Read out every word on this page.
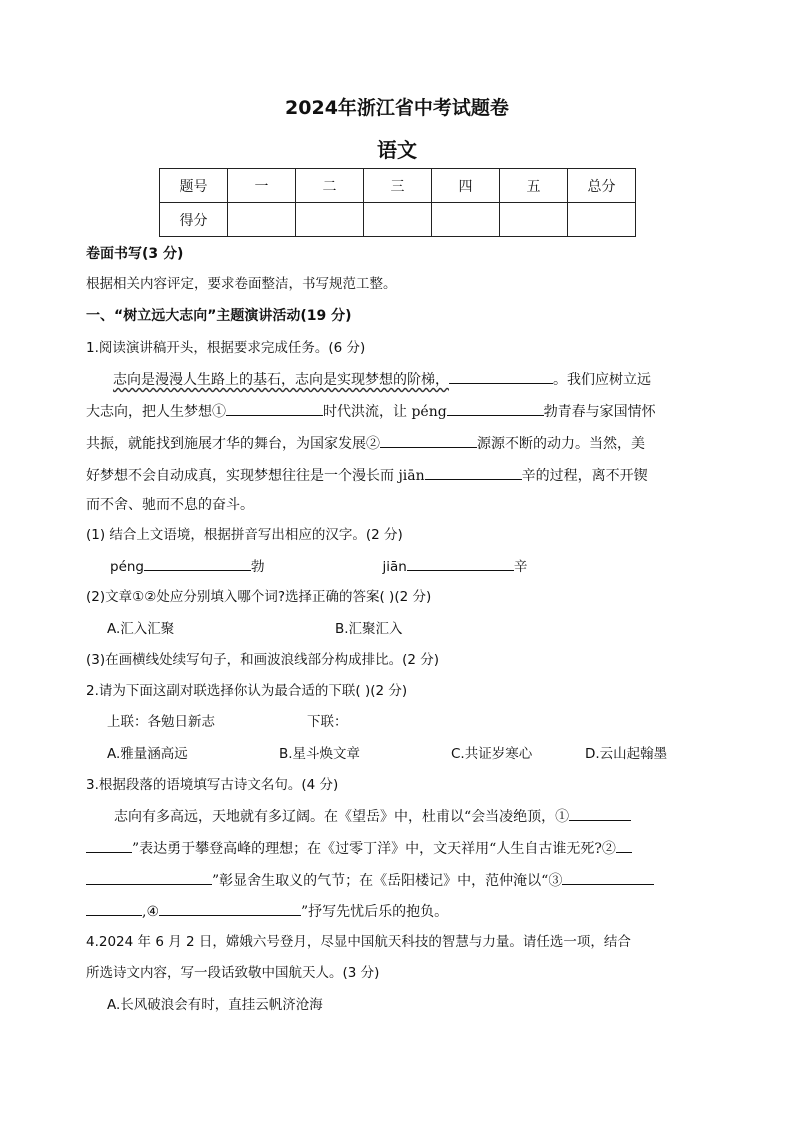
2024年浙江省中考试题卷
语文
题号	一	二	三	四	五	总分
得分						
卷面书写(3 分)
根据相关内容评定，要求卷面整洁，书写规范工整。
一、“树立远大志向”主题演讲活动(19 分)
1.阅读演讲稿开头，根据要求完成任务。(6 分)
志向是漫漫人生路上的基石，志向是实现梦想的阶梯，	。我们应树立远
大志向，把人生梦想①	时代洪流，让 péng	勃青春与家国情怀
共振，就能找到施展才华的舞台，为国家发展②	源源不断的动力。当然，美
好梦想不会自动成真，实现梦想往往是一个漫长而 jiān	辛的过程，离不开锲
而不舍、驰而不息的奋斗。
(1) 结合上文语境，根据拼音写出相应的汉字。(2 分)
péng	勃	jiān	辛
(2)文章①②处应分别填入哪个词?选择正确的答案( )(2 分)
A.汇入汇聚	B.汇聚汇入
(3)在画横线处续写句子，和画波浪线部分构成排比。(2 分)
2.请为下面这副对联选择你认为最合适的下联( )(2 分)
上联：各勉日新志	下联：
A.雅量涵高远	B.星斗焕文章	C.共证岁寒心	D.云山起翰墨
3.根据段落的语境填写古诗文名句。(4 分)
志向有多高远，天地就有多辽阔。在《望岳》中，杜甫以“会当凌绝顶，①
”表达勇于攀登高峰的理想；在《过零丁洋》中，文天祥用“人生自古谁无死?②
”彰显舍生取义的气节；在《岳阳楼记》中，范仲淹以“③
,④	”抒写先忧后乐的抱负。
4.2024 年 6 月 2 日，嫦娥六号登月，尽显中国航天科技的智慧与力量。请任选一项，结合
所选诗文内容，写一段话致敬中国航天人。(3 分)
A.长风破浪会有时，直挂云帆济沧海
